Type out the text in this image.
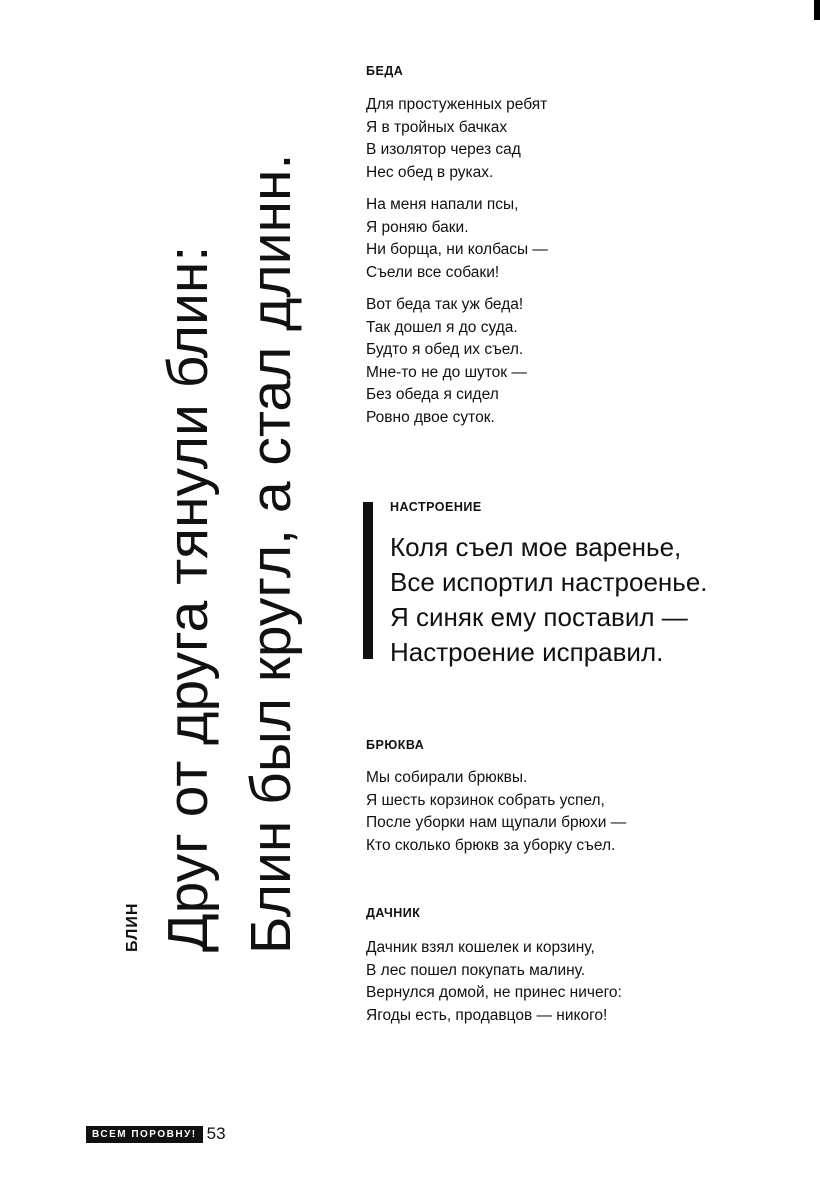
БЛИН Друг от друга тянули блин: Блин был кругл, а стал длинн.
БЕДА
Для простуженных ребят
Я в тройных бачках
В изолятор через сад
Нес обед в руках.
На меня напали псы,
Я роняю баки.
Ни борща, ни колбасы —
Съели все собаки!
Вот беда так уж беда!
Так дошел я до суда.
Будто я обед их съел.
Мне-то не до шуток —
Без обеда я сидел
Ровно двое суток.
НАСТРОЕНИЕ
Коля съел мое варенье,
Все испортил настроенье.
Я синяк ему поставил —
Настроение исправил.
БРЮКВА
Мы собирали брюквы.
Я шесть корзинок собрать успел,
После уборки нам щупали брюхи —
Кто сколько брюкв за уборку съел.
ДАЧНИК
Дачник взял кошелек и корзину,
В лес пошел покупать малину.
Вернулся домой, не принес ничего:
Ягоды есть, продавцов — никого!
ВСЕМ ПОРОВНУ! 53
